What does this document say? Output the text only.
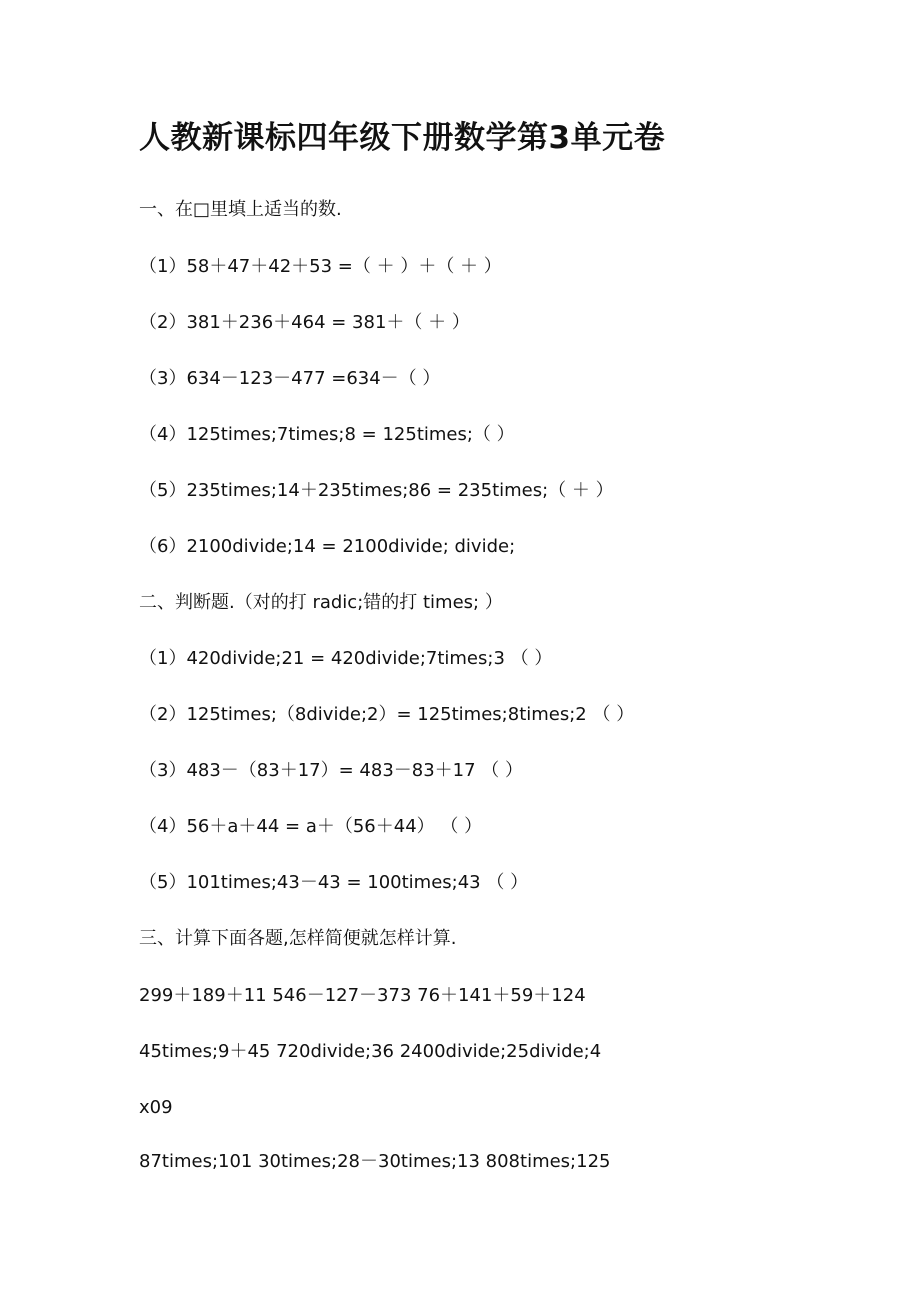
人教新课标四年级下册数学第3单元卷
一、在□里填上适当的数.
（1）58＋47＋42＋53 =（ ＋ ）＋（ ＋ ）
（2）381＋236＋464 = 381＋（ ＋ ）
（3）634－123－477 =634－（ ）
（4）125times;7times;8 = 125times;（ ）
（5）235times;14＋235times;86 = 235times;（ ＋ ）
（6）2100divide;14 = 2100divide; divide;
二、判断题.（对的打 radic;错的打 times; ）
（1）420divide;21 = 420divide;7times;3 （ ）
（2）125times;（8divide;2）= 125times;8times;2 （ ）
（3）483－（83＋17）= 483－83＋17 （ ）
（4）56＋a＋44 = a＋（56＋44） （ ）
（5）101times;43－43 = 100times;43 （ ）
三、计算下面各题,怎样简便就怎样计算.
299＋189＋11 546－127－373 76＋141＋59＋124
45times;9＋45 720divide;36 2400divide;25divide;4
x09
87times;101 30times;28－30times;13 808times;125
